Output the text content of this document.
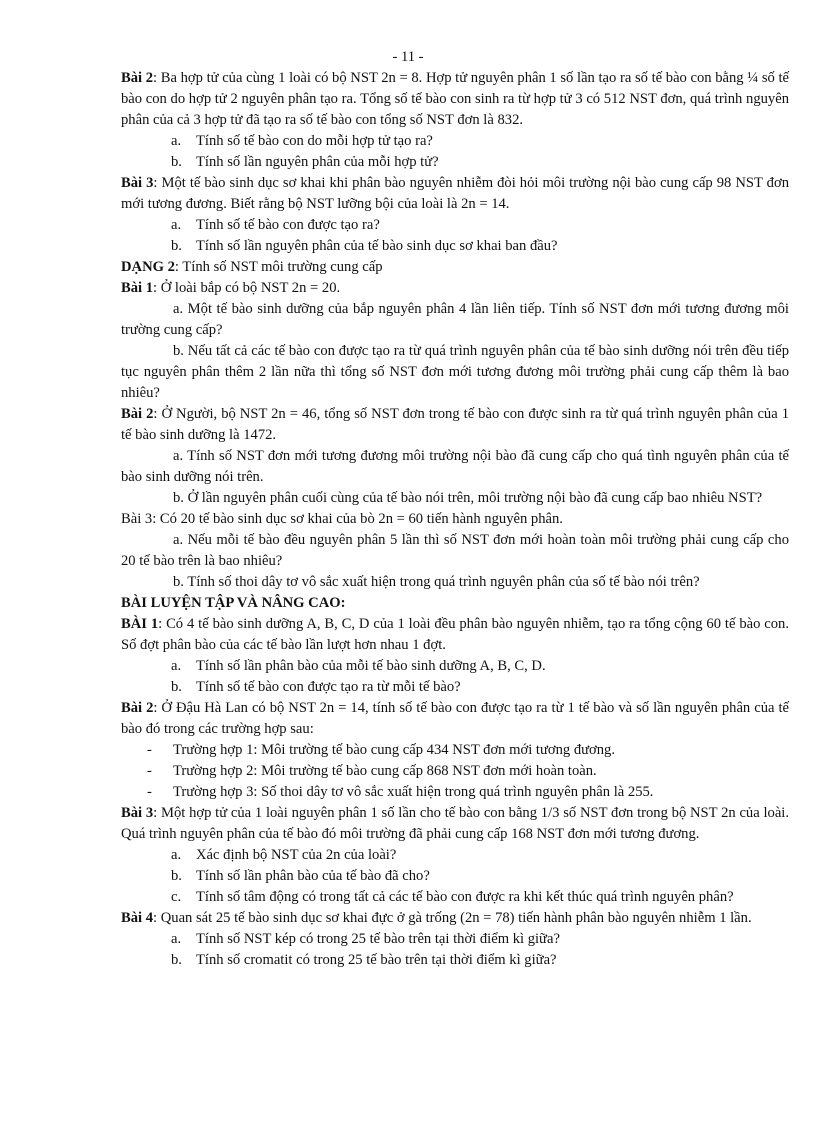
- 11 -

Bài 2: Ba hợp tử của cùng 1 loài có bộ NST 2n = 8. Hợp tử nguyên phân 1 số lần tạo ra số tế bào con bằng ¼ số tế bào con do hợp tử 2 nguyên phân tạo ra. Tổng số tế bào con sinh ra từ hợp tử 3 có 512 NST đơn, quá trình nguyên phân của cả 3 hợp tử đã tạo ra số tế bào con tổng số NST đơn là 832.

a. Tính số tế bào con do mỗi hợp tử tạo ra?
b. Tính số lần nguyên phân của mỗi hợp tử?

Bài 3: Một tế bào sinh dục sơ khai khi phân bào nguyên nhiễm đòi hỏi môi trường nội bào cung cấp 98 NST đơn mới tương đương. Biết rằng bộ NST lưỡng bội của loài là 2n = 14.

a. Tính số tế bào con được tạo ra?
b. Tính số lần nguyên phân của tế bào sinh dục sơ khai ban đầu?

DẠNG 2: Tính số NST môi trường cung cấp

Bài 1: Ở loài bắp có bộ NST 2n = 20.

a. Một tế bào sinh dưỡng của bắp nguyên phân 4 lần liên tiếp. Tính số NST đơn mới tương đương môi trường cung cấp?

b. Nếu tất cả các tế bào con được tạo ra từ quá trình nguyên phân của tế bào sinh dưỡng nói trên đều tiếp tục nguyên phân thêm 2 lần nữa thì tổng số NST đơn mới tương đương môi trường phải cung cấp thêm là bao nhiêu?

Bài 2: Ở Người, bộ NST 2n = 46, tổng số NST đơn trong tế bào con được sinh ra từ quá trình nguyên phân của 1 tế bào sinh dưỡng là 1472.

a. Tính số NST đơn mới tương đương môi trường nội bào đã cung cấp cho quá tình nguyên phân của tế bào sinh dưỡng nói trên.

b. Ở lần nguyên phân cuối cùng của tế bào nói trên, môi trường nội bào đã cung cấp bao nhiêu NST?

Bài 3: Có 20 tế bào sinh dục sơ khai của bò 2n = 60 tiến hành nguyên phân.

a. Nếu mỗi tế bào đều nguyên phân 5 lần thì số NST đơn mới hoàn toàn môi trường phải cung cấp cho 20 tế bào trên là bao nhiêu?

b. Tính số thoi dây tơ vô sắc xuất hiện trong quá trình nguyên phân của số tế bào nói trên?

BÀI LUYỆN TẬP VÀ NÂNG CAO:

BÀI 1: Có 4 tế bào sinh dưỡng A, B, C, D của 1 loài đều phân bào nguyên nhiễm, tạo ra tổng cộng 60 tế bào con. Số đợt phân bào của các tế bào lần lượt hơn nhau 1 đợt.

a. Tính số lần phân bào của mỗi tế bào sinh dưỡng A, B, C, D.
b. Tính số tế bào con được tạo ra từ mỗi tế bào?

Bài 2: Ở Đậu Hà Lan có bộ NST 2n = 14, tính số tế bào con được tạo ra từ 1 tế bào và số lần nguyên phân của tế bào đó trong các trường hợp sau:

- Trường hợp 1: Môi trường tế bào cung cấp 434 NST đơn mới tương đương.
- Trường hợp 2: Môi trường tế bào cung cấp 868 NST đơn mới hoàn toàn.
- Trường hợp 3: Số thoi dây tơ vô sắc xuất hiện trong quá trình nguyên phân là 255.

Bài 3: Một hợp tử của 1 loài nguyên phân 1 số lần cho tế bào con bằng 1/3 số NST đơn trong bộ NST 2n của loài. Quá trình nguyên phân của tế bào đó môi trường đã phải cung cấp 168 NST đơn mới tương đương.

a. Xác định bộ NST của 2n của loài?
b. Tính số lần phân bào của tế bào đã cho?
c. Tính số tâm động có trong tất cả các tế bào con được ra khi kết thúc quá trình nguyên phân?

Bài 4: Quan sát 25 tế bào sinh dục sơ khai đực ở gà trống (2n = 78) tiến hành phân bào nguyên nhiễm 1 lần.

a. Tính số NST kép có trong 25 tế bào trên tại thời điểm kì giữa?
b. Tính số cromatit có trong 25 tế bào trên tại thời điểm kì giữa?
